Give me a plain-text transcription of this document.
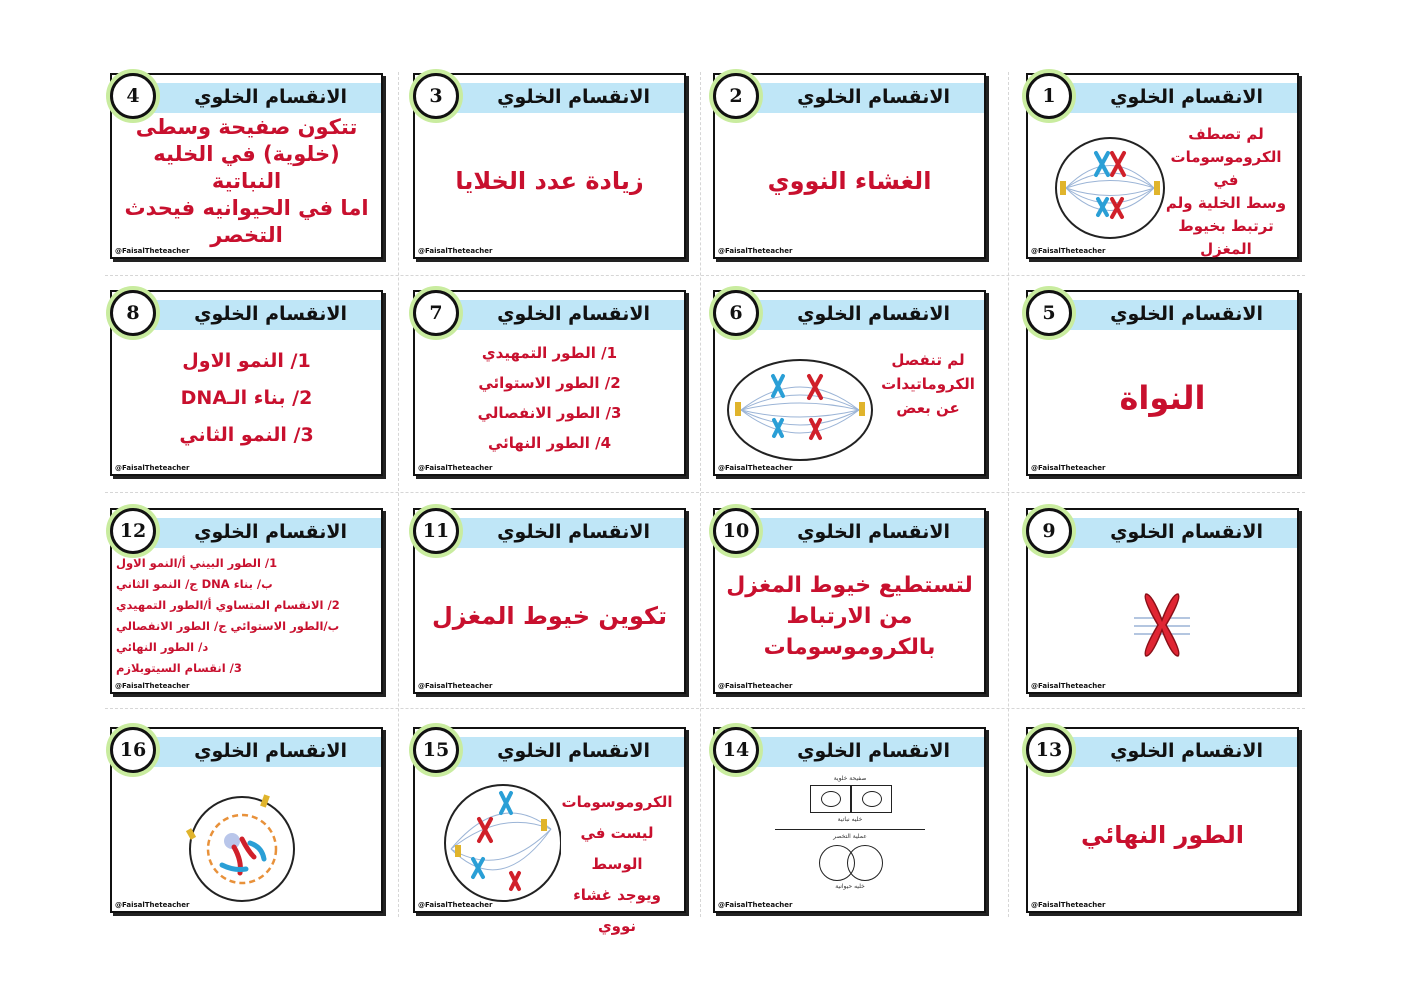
الانقسام الخلوي
4
تتكون صفيحة وسطى
(خلوية) في الخليه النباتية
اما في الحيوانيه فيحدث
التخصر
@FaisalTheteacher
الانقسام الخلوي
3
زيادة عدد الخلايا
@FaisalTheteacher
الانقسام الخلوي
2
الغشاء النووي
@FaisalTheteacher
الانقسام الخلوي
1
لم تصطف
الكروموسومات في
وسط الخلية ولم
ترتبط بخيوط
المغزل
@FaisalTheteacher
الانقسام الخلوي
8
1/ النمو الاول
2/ بناء الـDNA
3/ النمو الثاني
@FaisalTheteacher
الانقسام الخلوي
7
1/ الطور التمهيدي
2/ الطور الاستوائي
3/ الطور الانفصالي
4/ الطور النهائي
@FaisalTheteacher
الانقسام الخلوي
6
لم تنفصل
الكروماتيدات
عن بعض
@FaisalTheteacher
الانقسام الخلوي
5
النواة
@FaisalTheteacher
الانقسام الخلوي
12
1/ الطور البيني أ/النمو الاول
ب/ بناء DNA ج/ النمو الثاني
2/ الانقسام المتساوي أ/الطور التمهيدي
ب/الطور الاستوائي ج/ الطور الانفصالي
د/ الطور النهائي
3/ انقسام السيتوبلازم
@FaisalTheteacher
الانقسام الخلوي
11
تكوين خيوط المغزل
@FaisalTheteacher
الانقسام الخلوي
10
لتستطيع خيوط المغزل
من الارتباط
بالكروموسومات
@FaisalTheteacher
الانقسام الخلوي
9
@FaisalTheteacher
الانقسام الخلوي
16
@FaisalTheteacher
الانقسام الخلوي
15
الكروموسومات
ليست في الوسط
ويوجد غشاء نووي
@FaisalTheteacher
الانقسام الخلوي
14
صفيحة خلوية
خليه نباتية
عملية التخصر
خليه حيوانية
@FaisalTheteacher
الانقسام الخلوي
13
الطور النهائي
@FaisalTheteacher
